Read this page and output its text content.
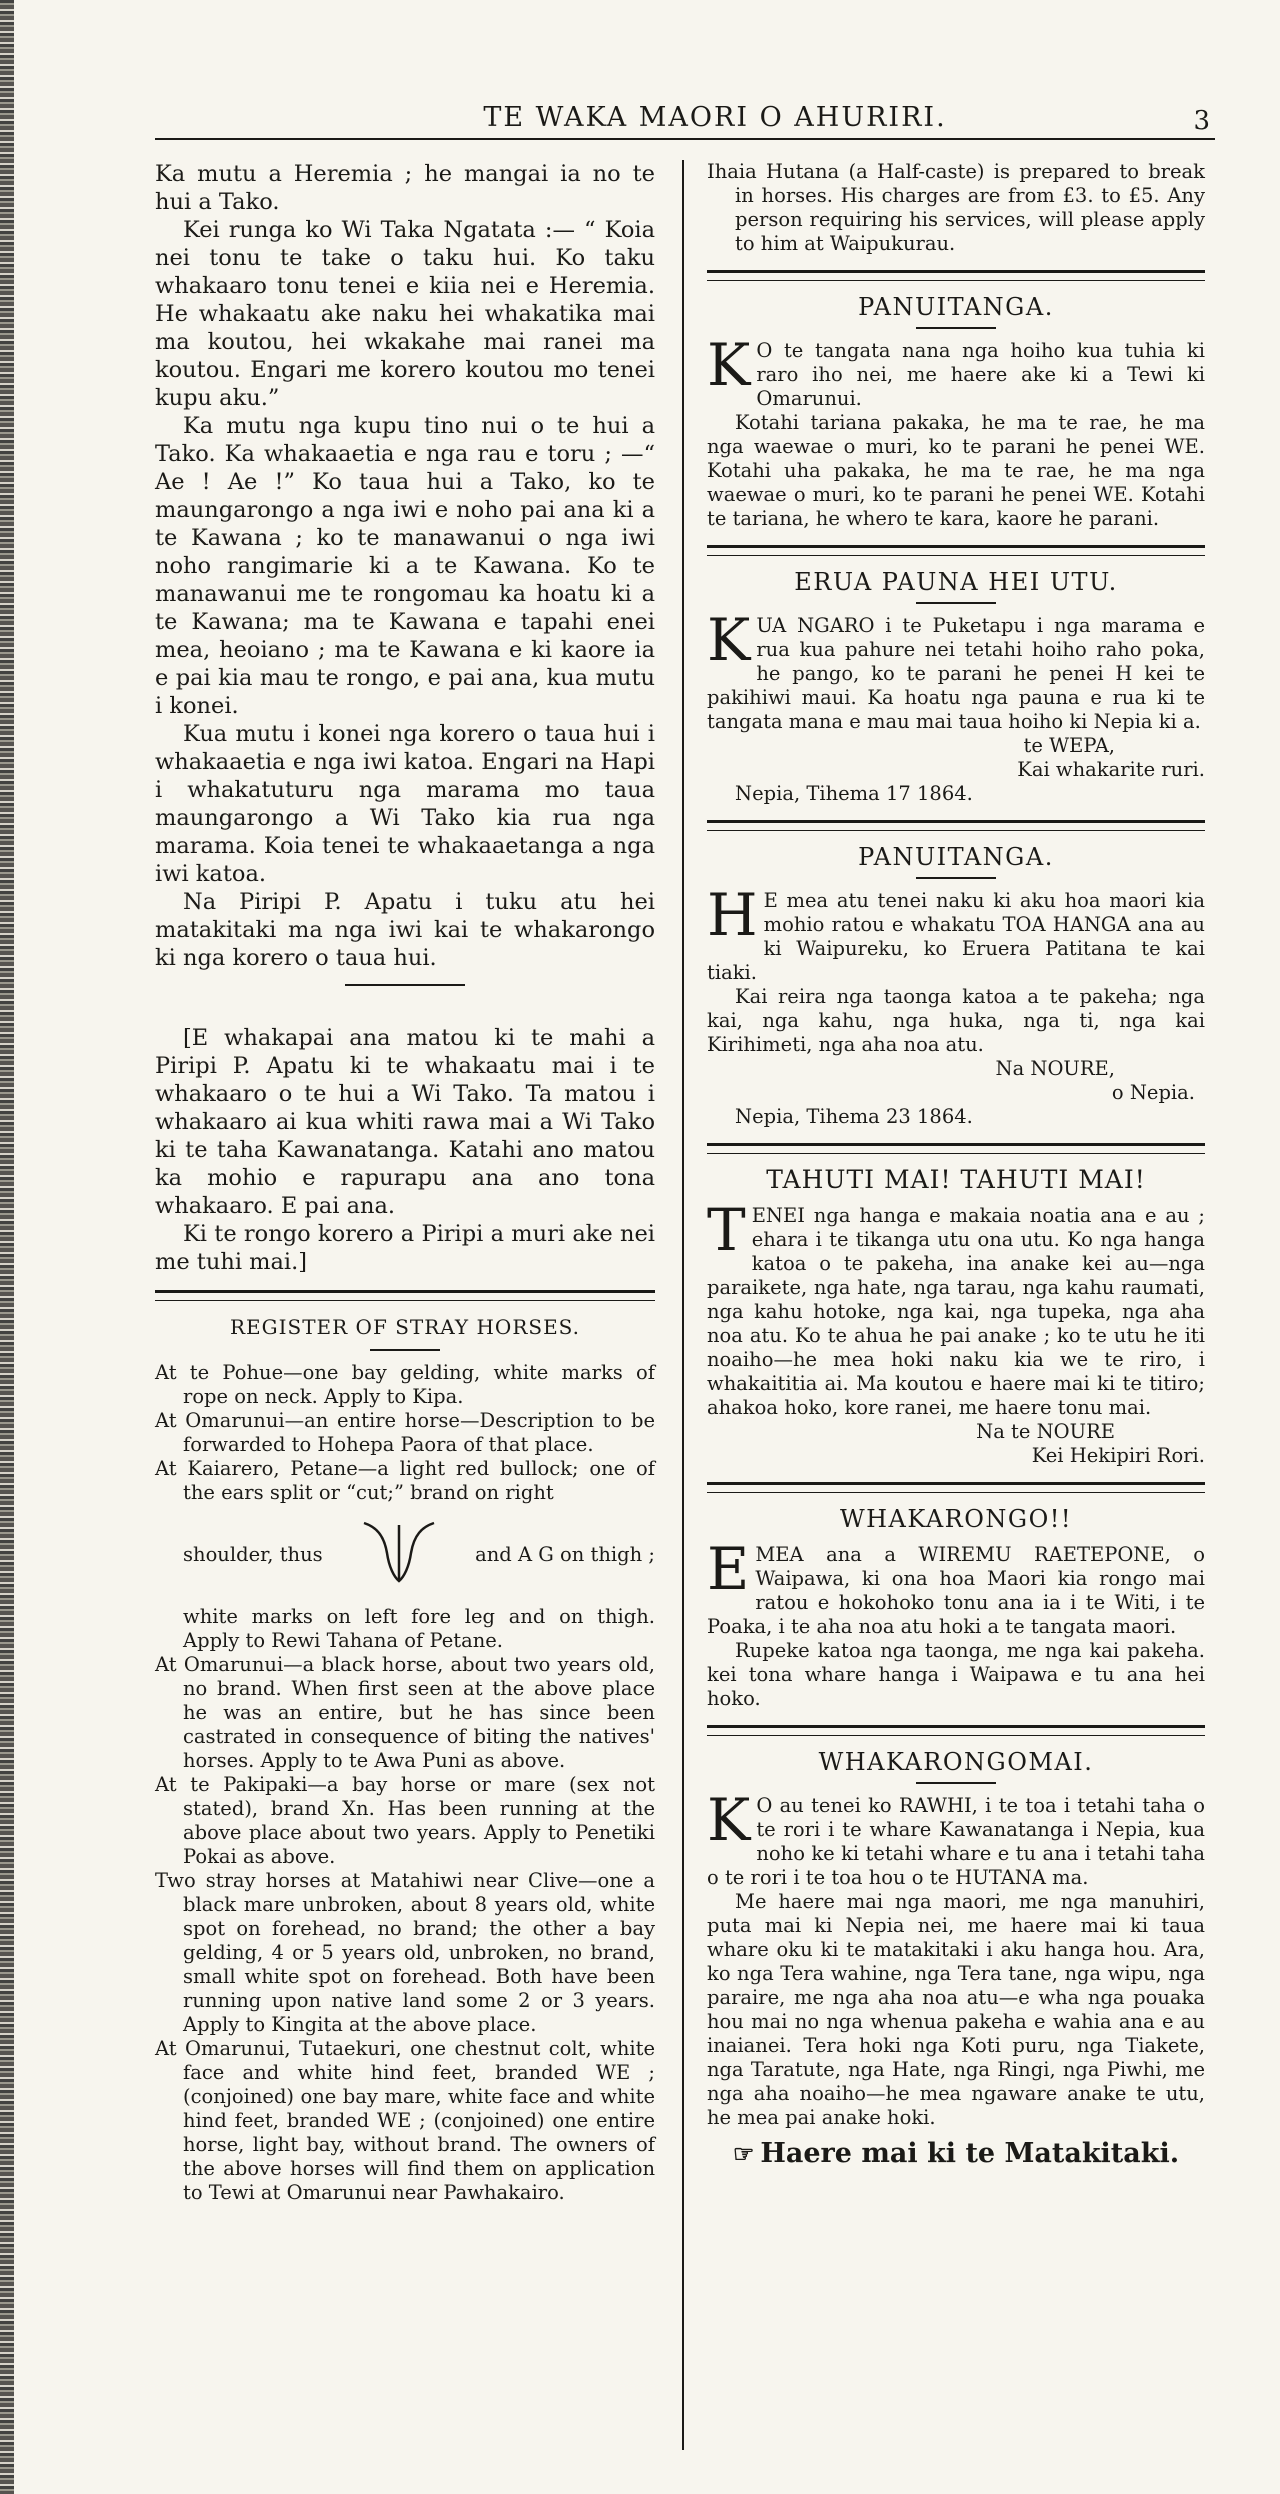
TE WAKA MAORI O AHURIRI.	3

Ka mutu a Heremia ; he mangai ia no te hui a Tako.

Kei runga ko Wi Taka Ngatata :— “ Koia nei tonu te take o taku hui. Ko taku whakaaro tonu tenei e kiia nei e Heremia. He whakaatu ake naku hei whakatika mai ma koutou, hei wkakahe mai ranei ma koutou. Engari me korero koutou mo tenei kupu aku.”

Ka mutu nga kupu tino nui o te hui a Tako. Ka whakaaetia e nga rau e toru ; —“ Ae ! Ae !” Ko taua hui a Tako, ko te maungarongo a nga iwi e noho pai ana ki a te Kawana ; ko te manawanui o nga iwi noho rangimarie ki a te Kawana. Ko te manawanui me te rongomau ka hoatu ki a te Kawana; ma te Kawana e tapahi enei mea, heoiano ; ma te Kawana e ki kaore ia e pai kia mau te rongo, e pai ana, kua mutu i konei.

Kua mutu i konei nga korero o taua hui i whakaaetia e nga iwi katoa. Engari na Hapi i whakatuturu nga marama mo taua maungarongo a Wi Tako kia rua nga marama. Koia tenei te whakaaetanga a nga iwi katoa.

Na Piripi P. Apatu i tuku atu hei matakitaki ma nga iwi kai te whakarongo ki nga korero o taua hui.

[E whakapai ana matou ki te mahi a Piripi P. Apatu ki te whakaatu mai i te whakaaro o te hui a Wi Tako. Ta matou i whakaaro ai kua whiti rawa mai a Wi Tako ki te taha Kawanatanga. Katahi ano matou ka mohio e rapurapu ana ano tona whakaaro. E pai ana.

Ki te rongo korero a Piripi a muri ake nei me tuhi mai.]

REGISTER OF STRAY HORSES.

At te Pohue—one bay gelding, white marks of rope on neck. Apply to Kipa.

At Omarunui—an entire horse—Description to be forwarded to Hohepa Paora of that place.

At Kaiarero, Petane—a light red bullock; one of the ears split or “cut;” brand on right

shoulder, thus	and A G on thigh ;

white marks on left fore leg and on thigh. Apply to Rewi Tahana of Petane.

At Omarunui—a black horse, about two years old, no brand. When first seen at the above place he was an entire, but he has since been castrated in consequence of biting the natives' horses. Apply to te Awa Puni as above.

At te Pakipaki—a bay horse or mare (sex not stated), brand Xn. Has been running at the above place about two years. Apply to Penetiki Pokai as above.

Two stray horses at Matahiwi near Clive—one a black mare unbroken, about 8 years old, white spot on forehead, no brand; the other a bay gelding, 4 or 5 years old, unbroken, no brand, small white spot on forehead. Both have been running upon native land some 2 or 3 years. Apply to Kingita at the above place.

At Omarunui, Tutaekuri, one chestnut colt, white face and white hind feet, branded WE ; (conjoined) one bay mare, white face and white hind feet, branded WE ; (conjoined) one entire horse, light bay, without brand. The owners of the above horses will find them on application to Tewi at Omarunui near Pawhakairo.

Ihaia Hutana (a Half-caste) is prepared to break in horses. His charges are from £3. to £5. Any person requiring his services, will please apply to him at Waipukurau.

PANUITANGA.

K O te tangata nana nga hoiho kua tuhia ki raro iho nei, me haere ake ki a Tewi ki Omarunui.

Kotahi tariana pakaka, he ma te rae, he ma nga waewae o muri, ko te parani he penei WE. Kotahi uha pakaka, he ma te rae, he ma nga waewae o muri, ko te parani he penei WE. Kotahi te tariana, he whero te kara, kaore he parani.

ERUA PAUNA HEI UTU.

KUA NGARO i te Puketapu i nga marama e rua kua pahure nei tetahi hoiho raho poka, he pango, ko te parani he penei H kei te pakihiwi maui. Ka hoatu nga pauna e rua ki te tangata mana e mau mai taua hoiho ki Nepia ki a.

te WEPA,

Kai whakarite ruri.

Nepia, Tihema 17 1864.

PANUITANGA.

H E mea atu tenei naku ki aku hoa maori kia mohio ratou e whakatu TOA HANGA ana au ki Waipureku, ko Eruera Patitana te kai tiaki.

Kai reira nga taonga katoa a te pakeha; nga kai, nga kahu, nga huka, nga ti, nga kai Kirihimeti, nga aha noa atu.

Na NOURE,

o Nepia.

Nepia, Tihema 23 1864.

TAHUTI MAI! TAHUTI MAI!

TENEI nga hanga e makaia noatia ana e au ; ehara i te tikanga utu ona utu. Ko nga hanga katoa o te pakeha, ina anake kei au—nga paraikete, nga hate, nga tarau, nga kahu raumati, nga kahu hotoke, nga kai, nga tupeka, nga aha noa atu. Ko te ahua he pai anake ; ko te utu he iti noaiho—he mea hoki naku kia we te riro, i whakaititia ai. Ma koutou e haere mai ki te titiro; ahakoa hoko, kore ranei, me haere tonu mai.

Na te NOURE

Kei Hekipiri Rori.

WHAKARONGO!!

EMEA ana a WIREMU RAETEPONE, o Waipawa, ki ona hoa Maori kia rongo mai ratou e hokohoko tonu ana ia i te Witi, i te Poaka, i te aha noa atu hoki a te tangata maori.

Rupeke katoa nga taonga, me nga kai pakeha. kei tona whare hanga i Waipawa e tu ana hei hoko.

WHAKARONGOMAI.

K O au tenei ko RAWHI, i te toa i tetahi taha o te rori i te whare Kawanatanga i Nepia, kua noho ke ki tetahi whare e tu ana i tetahi taha o te rori i te toa hou o te HUTANA ma.

Me haere mai nga maori, me nga manuhiri, puta mai ki Nepia nei, me haere mai ki taua whare oku ki te matakitaki i aku hanga hou. Ara, ko nga Tera wahine, nga Tera tane, nga wipu, nga paraire, me nga aha noa atu—e wha nga pouaka hou mai no nga whenua pakeha e wahia ana e au inaianei. Tera hoki nga Koti puru, nga Tiakete, nga Taratute, nga Hate, nga Ringi, nga Piwhi, me nga aha noaiho—he mea ngaware anake te utu, he mea pai anake hoki.

☞ Haere mai ki te Matakitaki.
